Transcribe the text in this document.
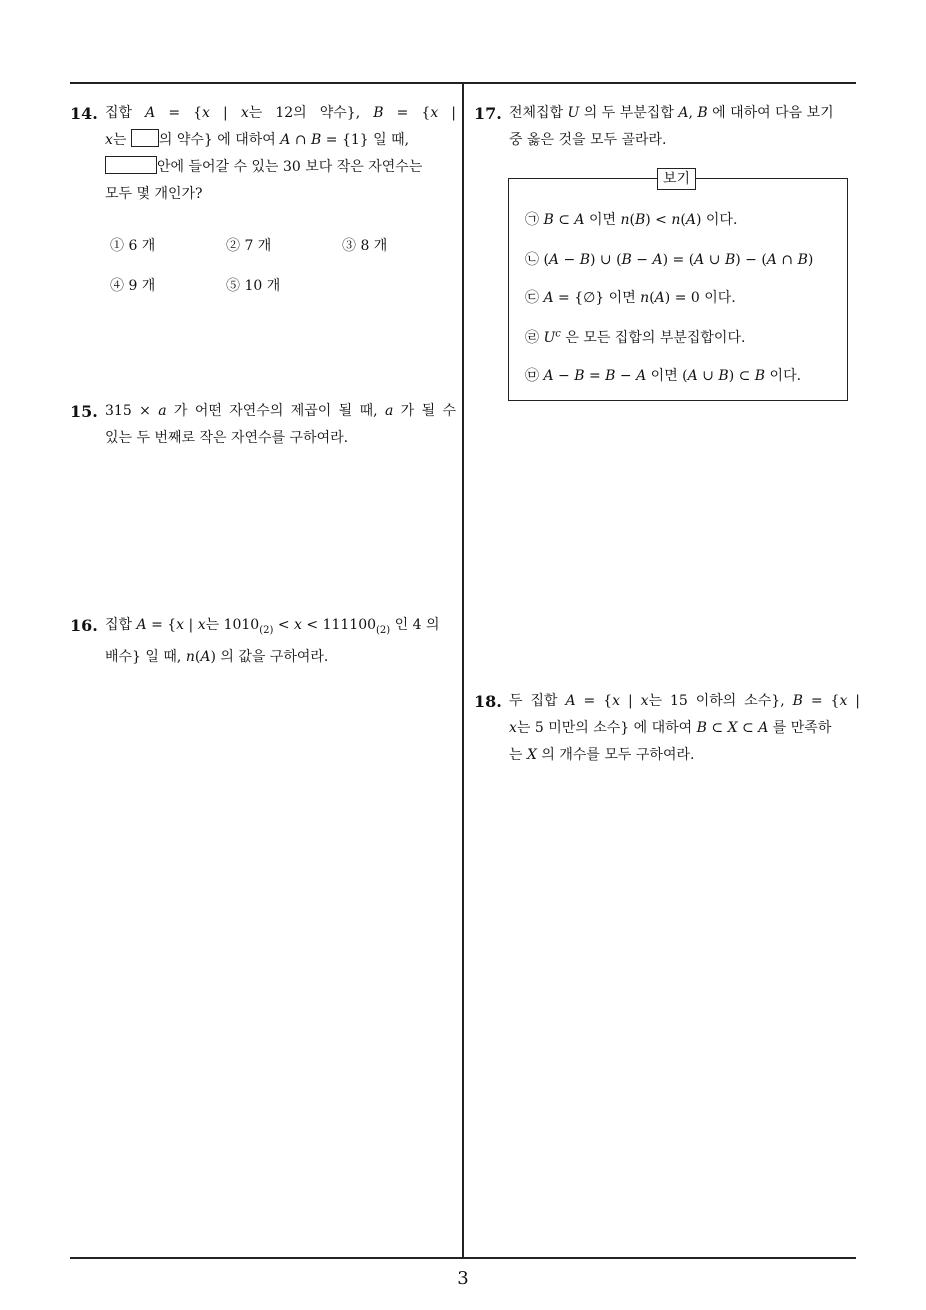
14. 집합 A = {x | x는 12의 약수}, B = {x |
x는 의 약수} 에 대하여 A ∩ B = {1} 일 때,
안에 들어갈 수 있는 30 보다 작은 자연수는
모두 몇 개인가?
① 6 개	② 7 개	③ 8 개
④ 9 개	⑤ 10 개
15. 315 × a 가 어떤 자연수의 제곱이 될 때, a 가 될 수
있는 두 번째로 작은 자연수를 구하여라.
16. 집합 A = {x | x는 $1010_{(2)} < x < 111100_{(2)}$ 인 4 의
배수} 일 때, n(A) 의 값을 구하여라.
17. 전체집합 U 의 두 부분집합 A, B 에 대하여 다음 보기
중 옳은 것을 모두 골라라.
보기
㉠ B ⊂ A 이면 n(B) < n(A) 이다.
㉡ (A − B) ∪ (B − A) = (A ∪ B) − (A ∩ B)
㉢ A = {∅} 이면 n(A) = 0 이다.
㉣ $U^c$ 은 모든 집합의 부분집합이다.
㉤ A − B = B − A 이면 (A ∪ B) ⊂ B 이다.
18. 두 집합 A = {x | x는 15 이하의 소수}, B = {x |
x는 5 미만의 소수} 에 대하여 B ⊂ X ⊂ A 를 만족하
는 X 의 개수를 모두 구하여라.
3
